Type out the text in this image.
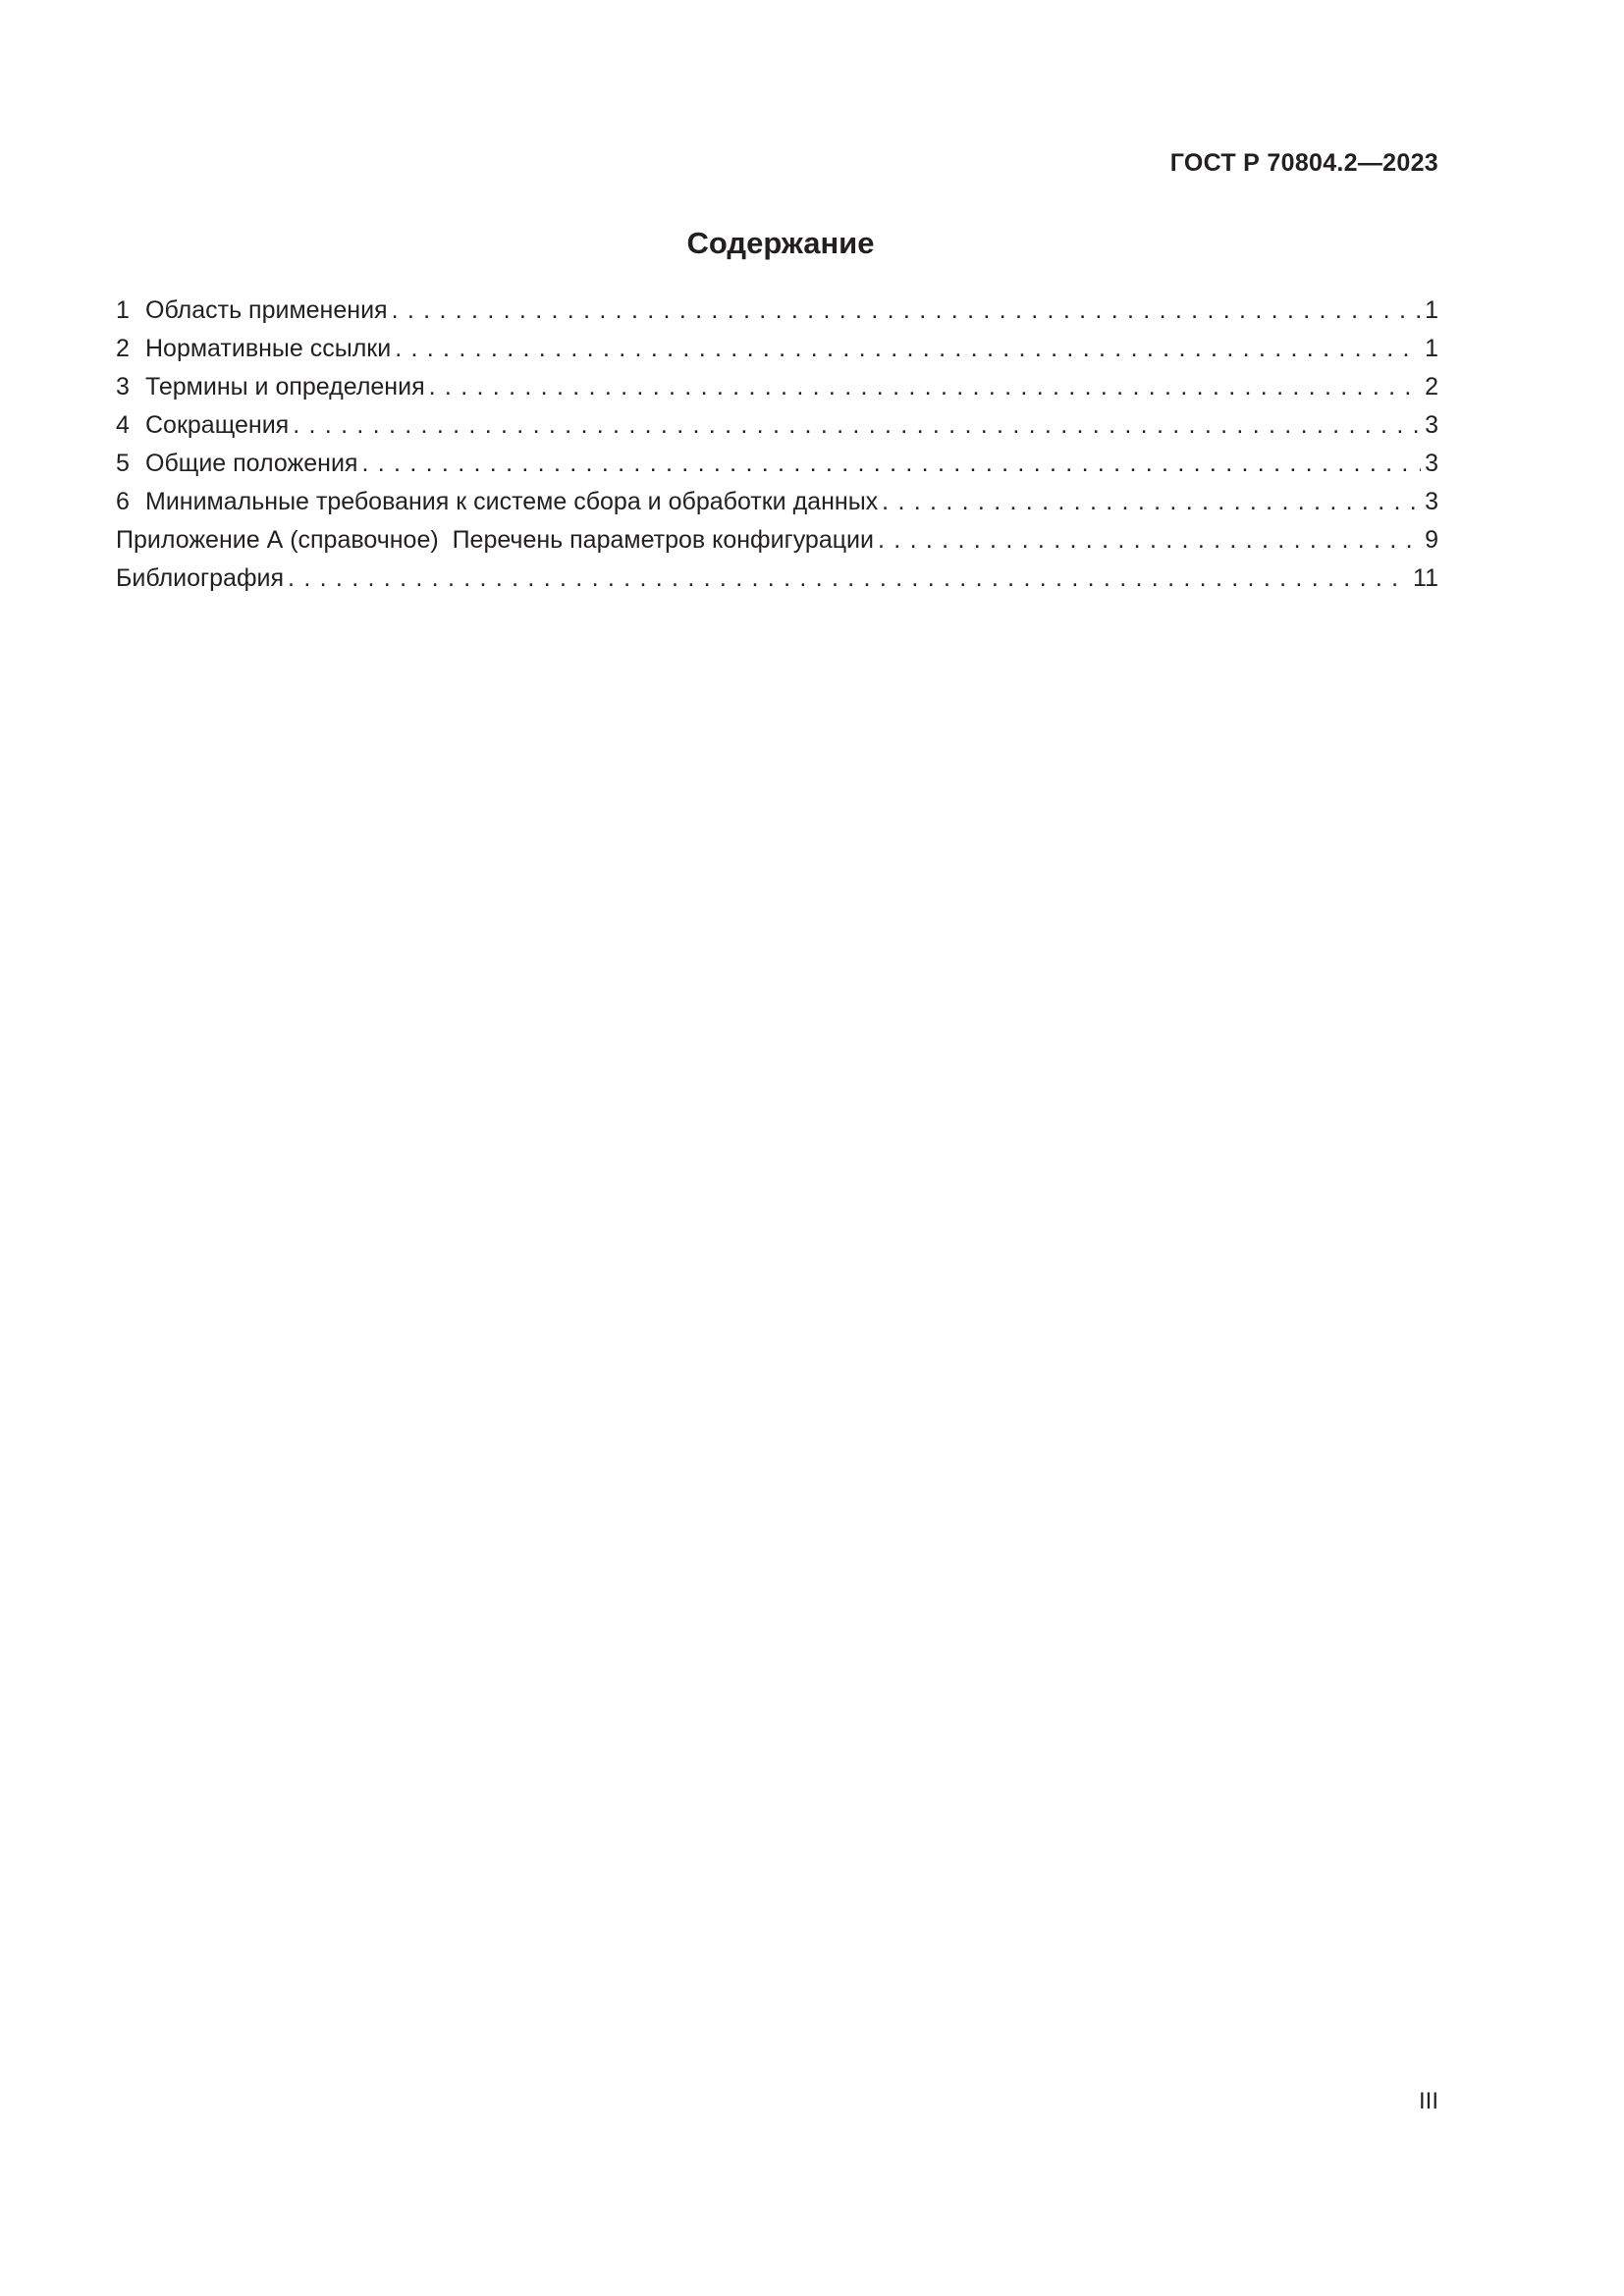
ГОСТ Р 70804.2—2023
Содержание
1 Область применения . . .	1
2 Нормативные ссылки . . .	1
3 Термины и определения . . .	2
4 Сокращения . . .	3
5 Общие положения . . .	3
6 Минимальные требования к системе сбора и обработки данных . . .	3
Приложение А (справочное)  Перечень параметров конфигурации . . .	9
Библиография . . .	11
III
